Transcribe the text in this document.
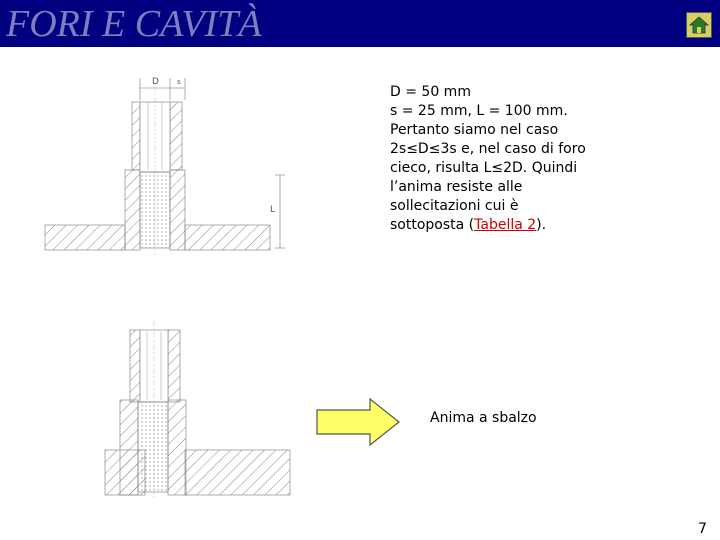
FORI E CAVITÀ
D	s
L
D = 50 mm
s = 25 mm, L = 100 mm.
Pertanto siamo nel caso
2s≤D≤3s e, nel caso di foro
cieco, risulta L≤2D. Quindi
l’anima resiste alle
sollecitazioni cui è
sottoposta (Tabella 2).
Anima a sbalzo
7
